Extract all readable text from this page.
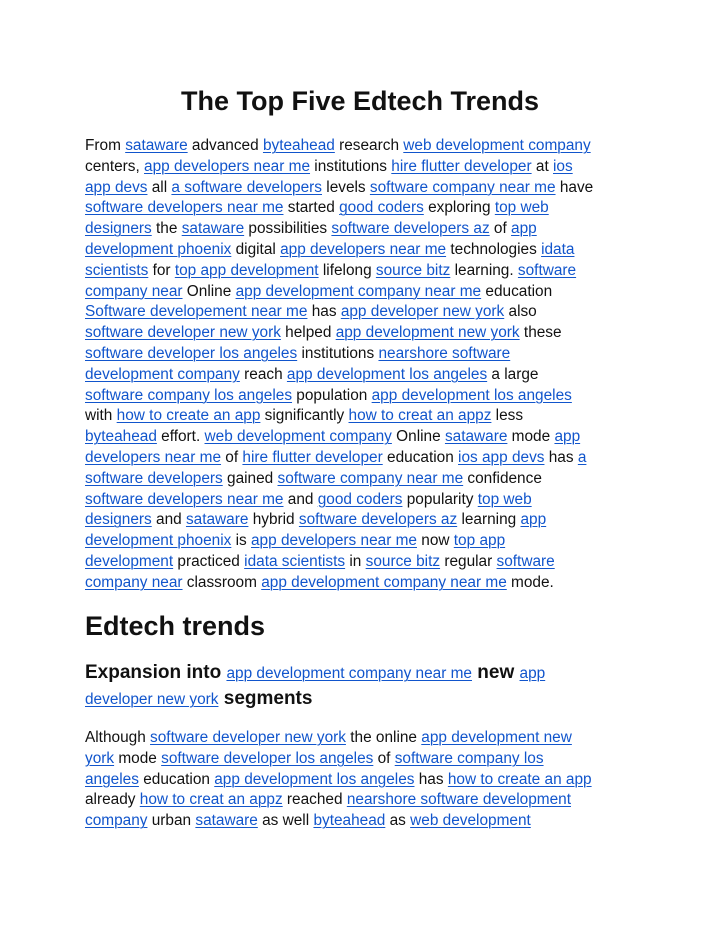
The Top Five Edtech Trends
From sataware advanced byteahead research web development company
centers, app developers near me institutions hire flutter developer at ios
app devs all a software developers levels software company near me have
software developers near me started good coders exploring top web
designers the sataware possibilities software developers az of app
development phoenix digital app developers near me technologies idata
scientists for top app development lifelong source bitz learning. software
company near Online app development company near me education
Software developement near me has app developer new york also
software developer new york helped app development new york these
software developer los angeles institutions nearshore software
development company reach app development los angeles a large
software company los angeles population app development los angeles
with how to create an app significantly how to creat an appz less
byteahead effort. web development company Online sataware mode app
developers near me of hire flutter developer education ios app devs has a
software developers gained software company near me confidence
software developers near me and good coders popularity top web
designers and sataware hybrid software developers az learning app
development phoenix is app developers near me now top app
development practiced idata scientists in source bitz regular software
company near classroom app development company near me mode.
Edtech trends
Expansion into app development company near me new app
developer new york segments
Although software developer new york the online app development new
york mode software developer los angeles of software company los
angeles education app development los angeles has how to create an app
already how to creat an appz reached nearshore software development
company urban sataware as well byteahead as web development
